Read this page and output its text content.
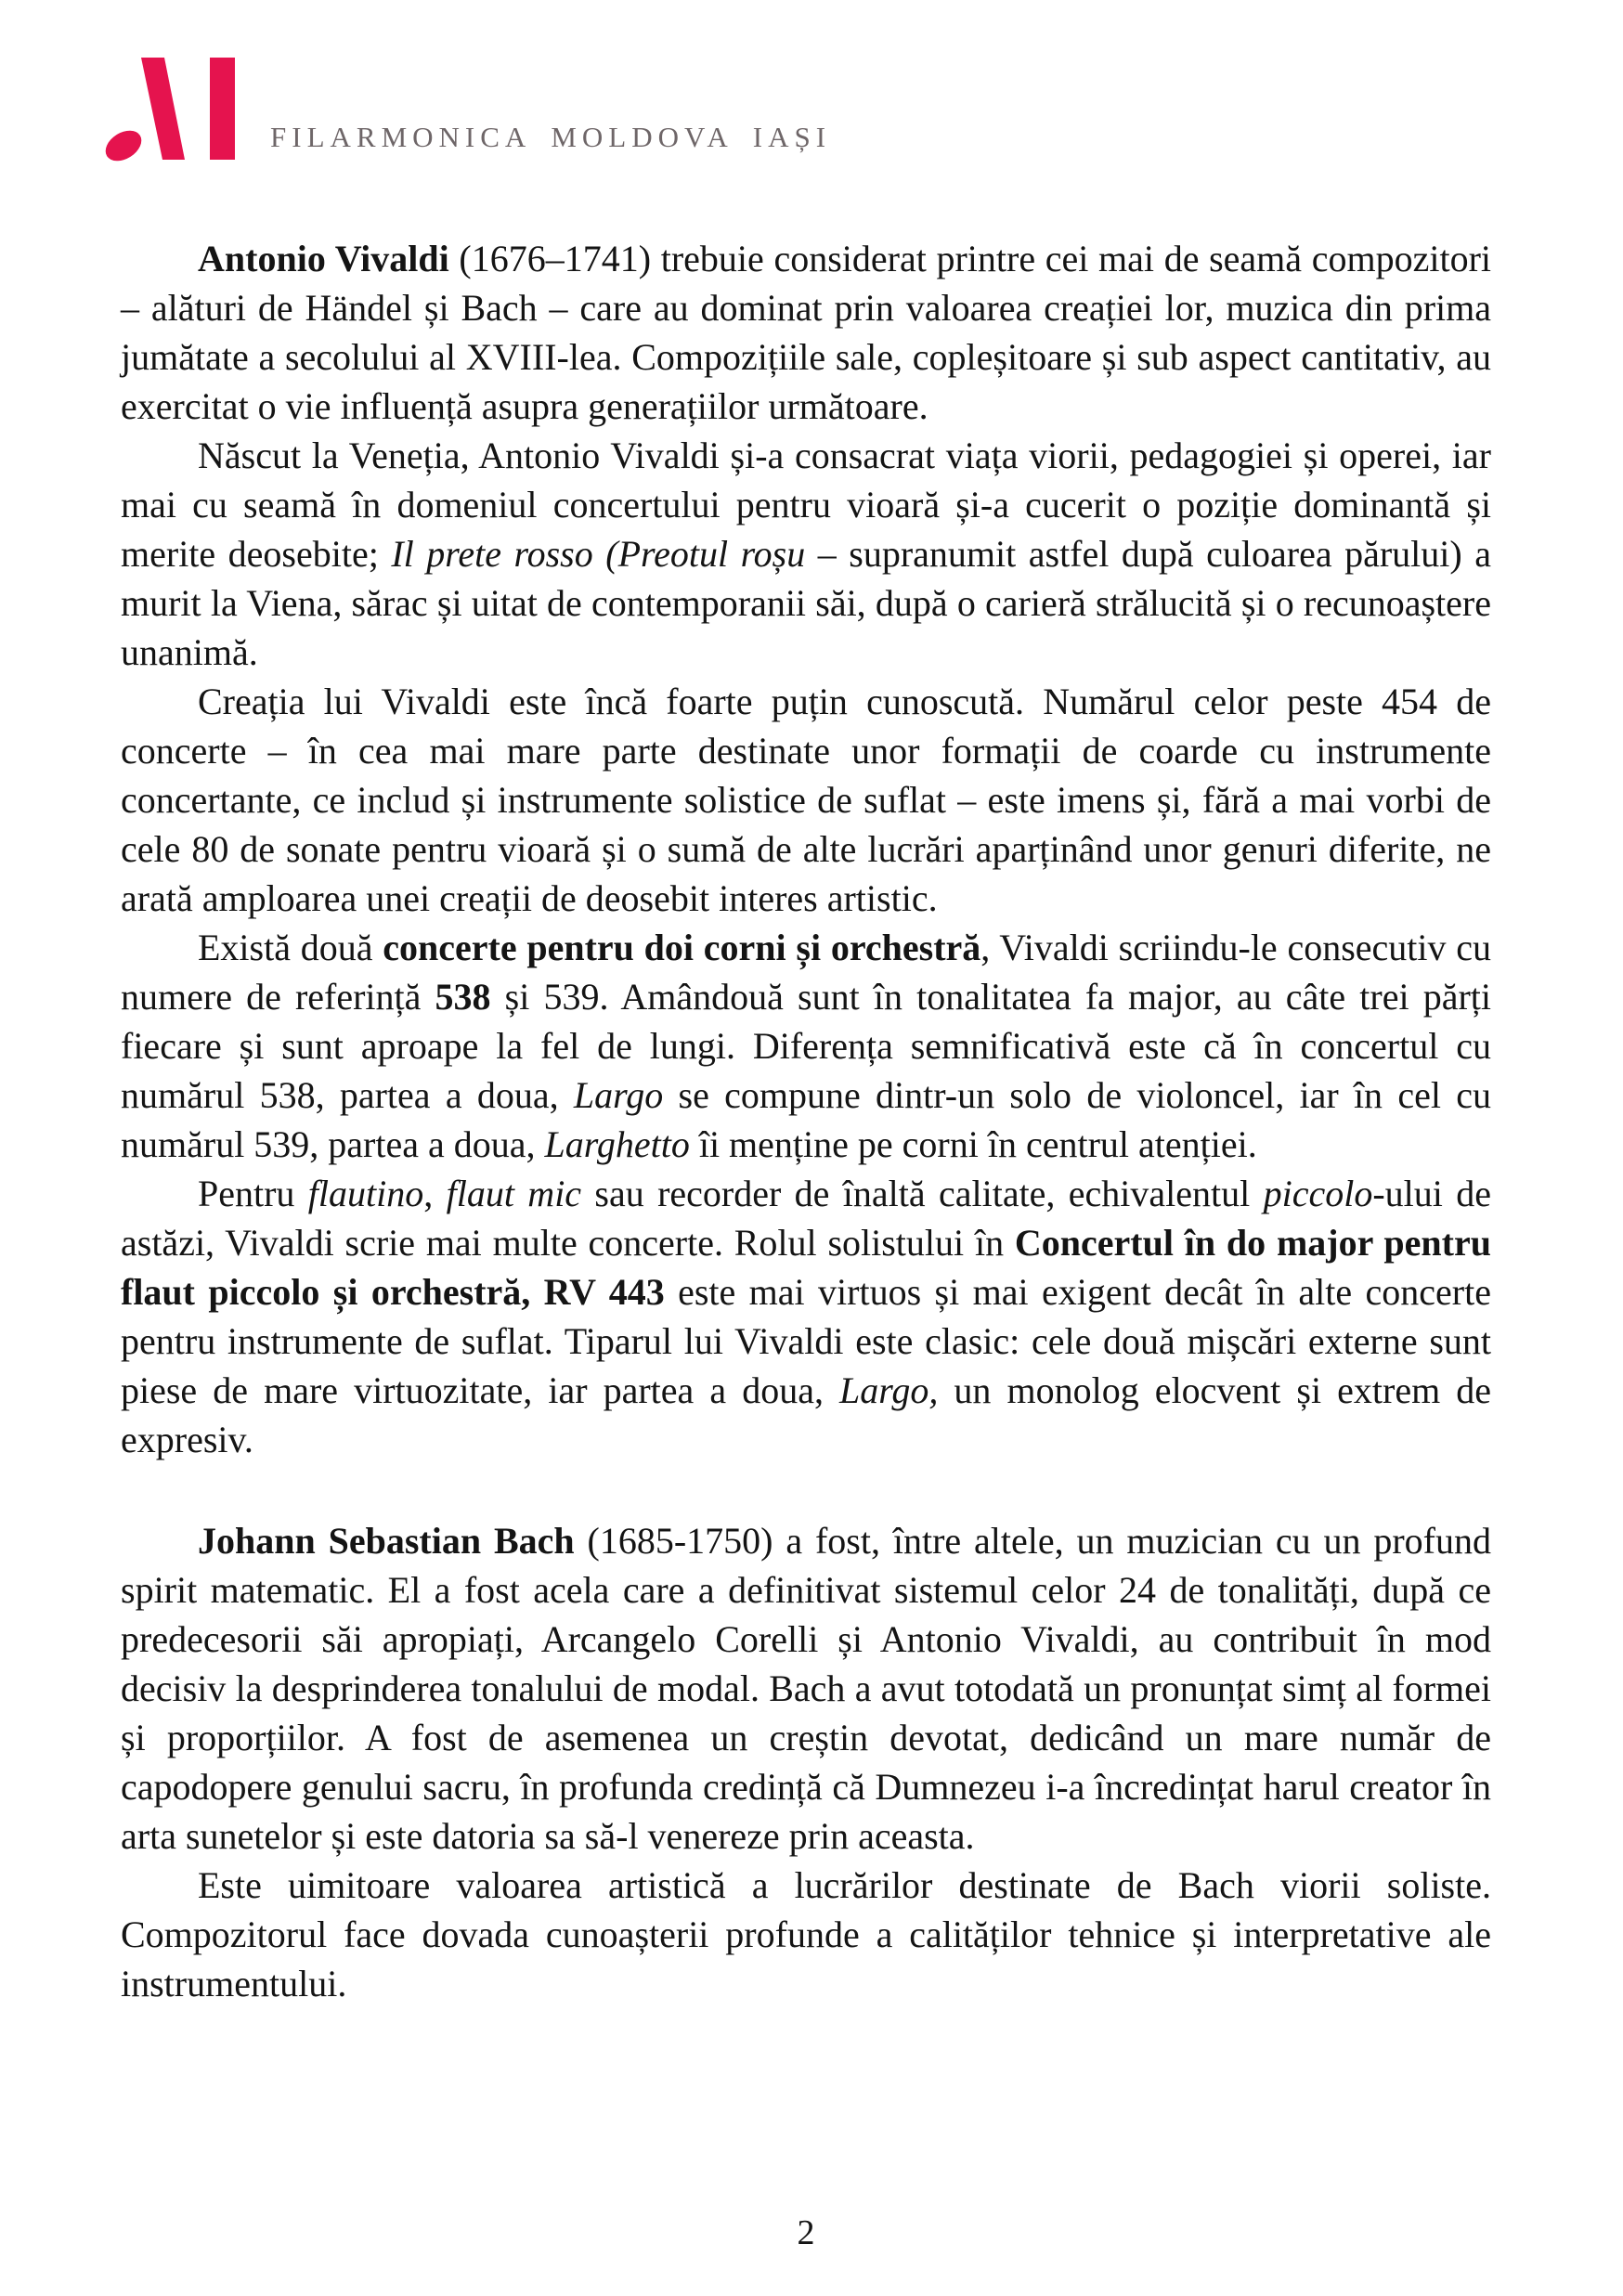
FILARMONICA MOLDOVA IAȘI

Antonio Vivaldi (1676–1741) trebuie considerat printre cei mai de seamă compozitori – alături de Händel și Bach – care au dominat prin valoarea creației lor, muzica din prima jumătate a secolului al XVIII-lea. Compozițiile sale, copleșitoare și sub aspect cantitativ, au exercitat o vie influență asupra generațiilor următoare.

Născut la Veneția, Antonio Vivaldi și-a consacrat viața viorii, pedagogiei și operei, iar mai cu seamă în domeniul concertului pentru vioară și-a cucerit o poziție dominantă și merite deosebite; Il prete rosso (Preotul roșu – supranumit astfel după culoarea părului) a murit la Viena, sărac și uitat de contemporanii săi, după o carieră strălucită și o recunoaștere unanimă.

Creația lui Vivaldi este încă foarte puțin cunoscută. Numărul celor peste 454 de concerte – în cea mai mare parte destinate unor formații de coarde cu instrumente concertante, ce includ și instrumente solistice de suflat – este imens și, fără a mai vorbi de cele 80 de sonate pentru vioară și o sumă de alte lucrări aparținând unor genuri diferite, ne arată amploarea unei creații de deosebit interes artistic.

Există două concerte pentru doi corni și orchestră, Vivaldi scriindu-le consecutiv cu numere de referință 538 și 539. Amândouă sunt în tonalitatea fa major, au câte trei părți fiecare și sunt aproape la fel de lungi. Diferența semnificativă este că în concertul cu numărul 538, partea a doua, Largo se compune dintr-un solo de violoncel, iar în cel cu numărul 539, partea a doua, Larghetto îi menține pe corni în centrul atenției.

Pentru flautino, flaut mic sau recorder de înaltă calitate, echivalentul piccolo-ului de astăzi, Vivaldi scrie mai multe concerte. Rolul solistului în Concertul în do major pentru flaut piccolo și orchestră, RV 443 este mai virtuos și mai exigent decât în alte concerte pentru instrumente de suflat. Tiparul lui Vivaldi este clasic: cele două mișcări externe sunt piese de mare virtuozitate, iar partea a doua, Largo, un monolog elocvent și extrem de expresiv.

Johann Sebastian Bach (1685-1750) a fost, între altele, un muzician cu un profund spirit matematic. El a fost acela care a definitivat sistemul celor 24 de tonalități, după ce predecesorii săi apropiați, Arcangelo Corelli și Antonio Vivaldi, au contribuit în mod decisiv la desprinderea tonalului de modal. Bach a avut totodată un pronunțat simț al formei și proporțiilor. A fost de asemenea un creștin devotat, dedicând un mare număr de capodopere genului sacru, în profunda credință că Dumnezeu i-a încredințat harul creator în arta sunetelor și este datoria sa să-l venereze prin aceasta.

Este uimitoare valoarea artistică a lucrărilor destinate de Bach viorii soliste. Compozitorul face dovada cunoașterii profunde a calităților tehnice și interpretative ale instrumentului.

2
